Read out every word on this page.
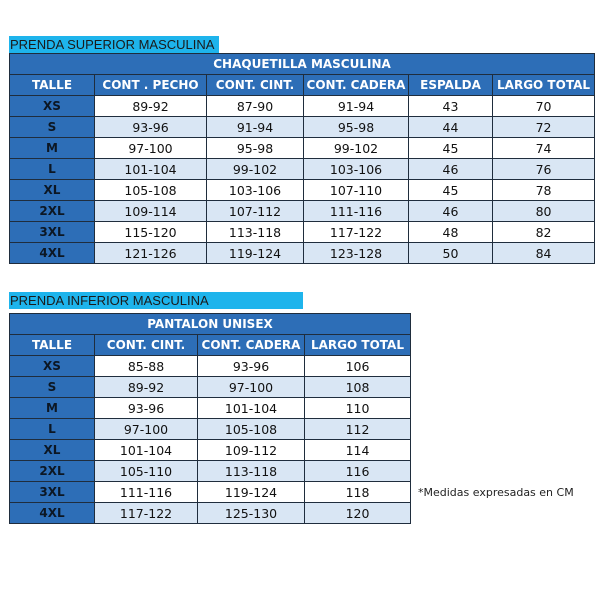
PRENDA SUPERIOR MASCULINA
CHAQUETILLA MASCULINA					
TALLE	CONT . PECHO	CONT. CINT.	CONT. CADERA	ESPALDA	LARGO TOTAL
XS	89-92	87-90	91-94	43	70
S	93-96	91-94	95-98	44	72
M	97-100	95-98	99-102	45	74
L	101-104	99-102	103-106	46	76
XL	105-108	103-106	107-110	45	78
2XL	109-114	107-112	111-116	46	80
3XL	115-120	113-118	117-122	48	82
4XL	121-126	119-124	123-128	50	84
PRENDA INFERIOR MASCULINA
PANTALON UNISEX			
TALLE	CONT. CINT.	CONT. CADERA	LARGO TOTAL
XS	85-88	93-96	106
S	89-92	97-100	108
M	93-96	101-104	110
L	97-100	105-108	112
XL	101-104	109-112	114
2XL	105-110	113-118	116
3XL	111-116	119-124	118
4XL	117-122	125-130	120
*Medidas expresadas en CM
